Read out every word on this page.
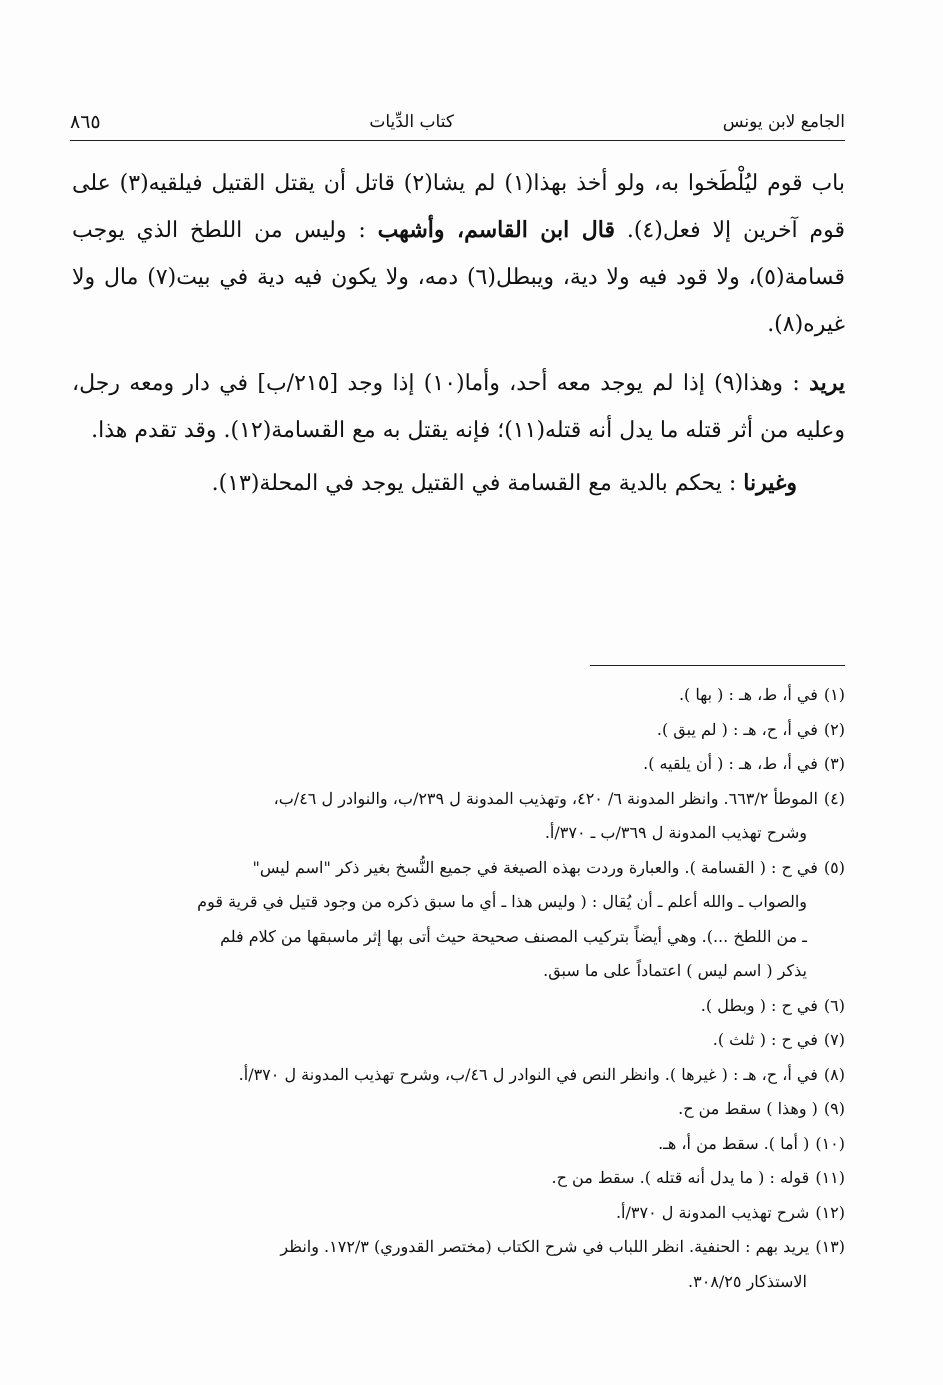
الجامع لابن يونس
كتاب الدِّيات
٨٦٥

باب قوم ليُلْطَخوا به، ولو أخذ بهذا(١) لم يشا(٢) قاتل أن يقتل القتيل فيلقيه(٣) على قوم آخرين إلا فعل(٤). قال ابن القاسم، وأشهب : وليس من اللطخ الذي يوجب قسامة(٥)، ولا قود فيه ولا دية، ويبطل(٦) دمه، ولا يكون فيه دية في بيت(٧) مال ولا غيره(٨).

يريد : وهذا(٩) إذا لم يوجد معه أحد، وأما(١٠) إذا وجد [٢١٥/ب] في دار ومعه رجل، وعليه من أثر قتله ما يدل أنه قتله(١١)؛ فإنه يقتل به مع القسامة(١٢). وقد تقدم هذا.

وغيرنا : يحكم بالدية مع القسامة في القتيل يوجد في المحلة(١٣).

(١)في أ، ط، هـ : ( بها ).
(٢)في أ، ح، هـ : ( لم يبق ).
(٣)في أ، ط، هـ : ( أن يلقيه ).
(٤)الموطأ ٦٦٣/٢. وانظر المدونة ٦/ ٤٢٠، وتهذيب المدونة ل ٢٣٩/ب، والنوادر ل ٤٦/ب،
وشرح تهذيب المدونة ل ٣٦٩/ب ـ ٣٧٠/أ.
(٥)في ح : ( القسامة ). والعبارة وردت بهذه الصيغة في جميع النُّسخ بغير ذكر "اسم ليس"
والصواب ـ والله أعلم ـ أن يُقال : ( وليس هذا ـ أي ما سبق ذكره من وجود قتيل في قرية قوم
ـ من اللطخ ...). وهي أيضاً بتركيب المصنف صحيحة حيث أتى بها إثر ماسبقها من كلام فلم
يذكر ( اسم ليس ) اعتماداً على ما سبق.
(٦)في ح : ( وبطل ).
(٧)في ح : ( ثلث ).
(٨)في أ، ح، هـ : ( غيرها ). وانظر النص في النوادر ل ٤٦/ب، وشرح تهذيب المدونة ل ٣٧٠/أ.
(٩)( وهذا ) سقط من ح.
(١٠)( أما ). سقط من أ، هـ.
(١١)قوله : ( ما يدل أنه قتله ). سقط من ح.
(١٢)شرح تهذيب المدونة ل ٣٧٠/أ.
(١٣)يريد بهم : الحنفية. انظر اللباب في شرح الكتاب (مختصر القدوري) ١٧٢/٣. وانظر
الاستذكار ٣٠٨/٢٥.
